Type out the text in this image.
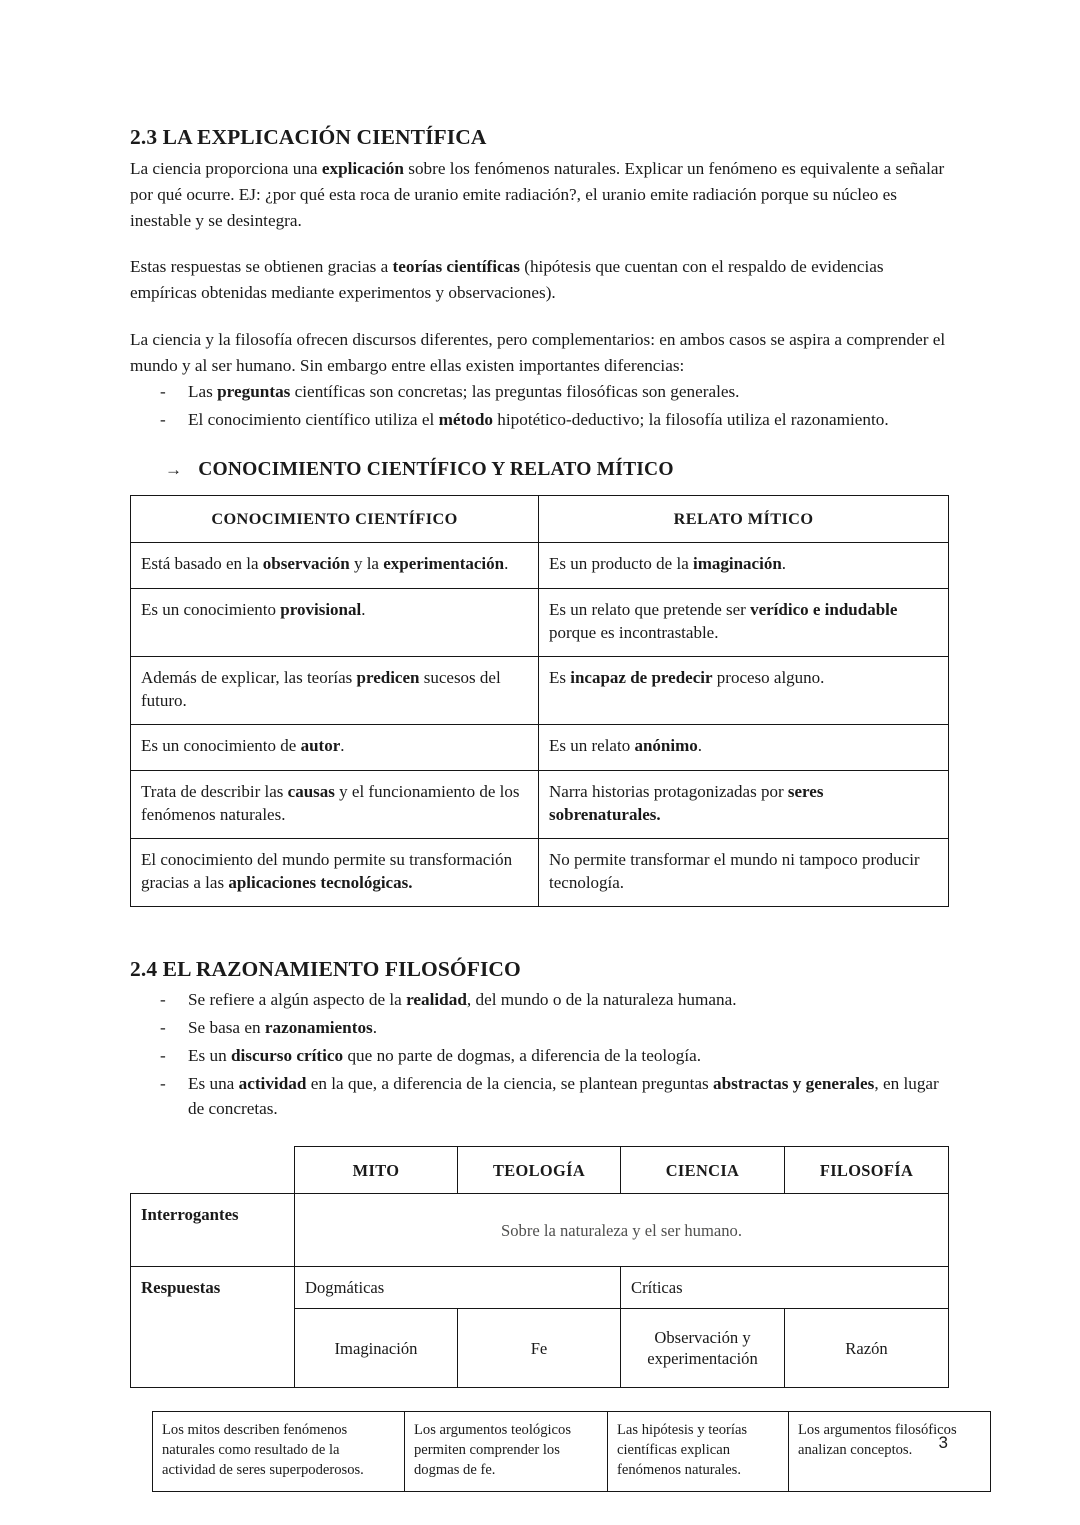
2.3 LA EXPLICACIÓN CIENTÍFICA

La ciencia proporciona una explicación sobre los fenómenos naturales. Explicar un fenómeno es equivalente a señalar por qué ocurre. EJ: ¿por qué esta roca de uranio emite radiación?, el uranio emite radiación porque su núcleo es inestable y se desintegra.

Estas respuestas se obtienen gracias a teorías científicas (hipótesis que cuentan con el respaldo de evidencias empíricas obtenidas mediante experimentos y observaciones).

La ciencia y la filosofía ofrecen discursos diferentes, pero complementarios: en ambos casos se aspira a comprender el mundo y al ser humano. Sin embargo entre ellas existen importantes diferencias:

- Las preguntas científicas son concretas; las preguntas filosóficas son generales.
- El conocimiento científico utiliza el método hipotético-deductivo; la filosofía utiliza el razonamiento.
→ CONOCIMIENTO CIENTÍFICO Y RELATO MÍTICO
CONOCIMIENTO CIENTÍFICO	RELATO MÍTICO
Está basado en la observación y la experimentación.	Es un producto de la imaginación.
Es un conocimiento provisional.	Es un relato que pretende ser verídico e indudable porque es incontrastable.
Además de explicar, las teorías predicen sucesos del futuro.	Es incapaz de predecir proceso alguno.
Es un conocimiento de autor.	Es un relato anónimo.
Trata de describir las causas y el funcionamiento de los fenómenos naturales.	Narra historias protagonizadas por seres sobrenaturales.
El conocimiento del mundo permite su transformación gracias a las aplicaciones tecnológicas.	No permite transformar el mundo ni tampoco producir tecnología.
2.4 EL RAZONAMIENTO FILOSÓFICO
- Se refiere a algún aspecto de la realidad, del mundo o de la naturaleza humana.
- Se basa en razonamientos.
- Es un discurso crítico que no parte de dogmas, a diferencia de la teología.
- Es una actividad en la que, a diferencia de la ciencia, se plantean preguntas abstractas y generales, en lugar de concretas.
	MITO	TEOLOGÍA	CIENCIA	FILOSOFÍA
Interrogantes	Sobre la naturaleza y el ser humano.			
Respuestas	Dogmáticas		Críticas	
	Imaginación	Fe	Observación y experimentación	Razón
Los mitos describen fenómenos naturales como resultado de la actividad de seres superpoderosos.	Los argumentos teológicos permiten comprender los dogmas de fe.	Las hipótesis y teorías científicas explican fenómenos naturales.	Los argumentos filosóficos analizan conceptos. 3
